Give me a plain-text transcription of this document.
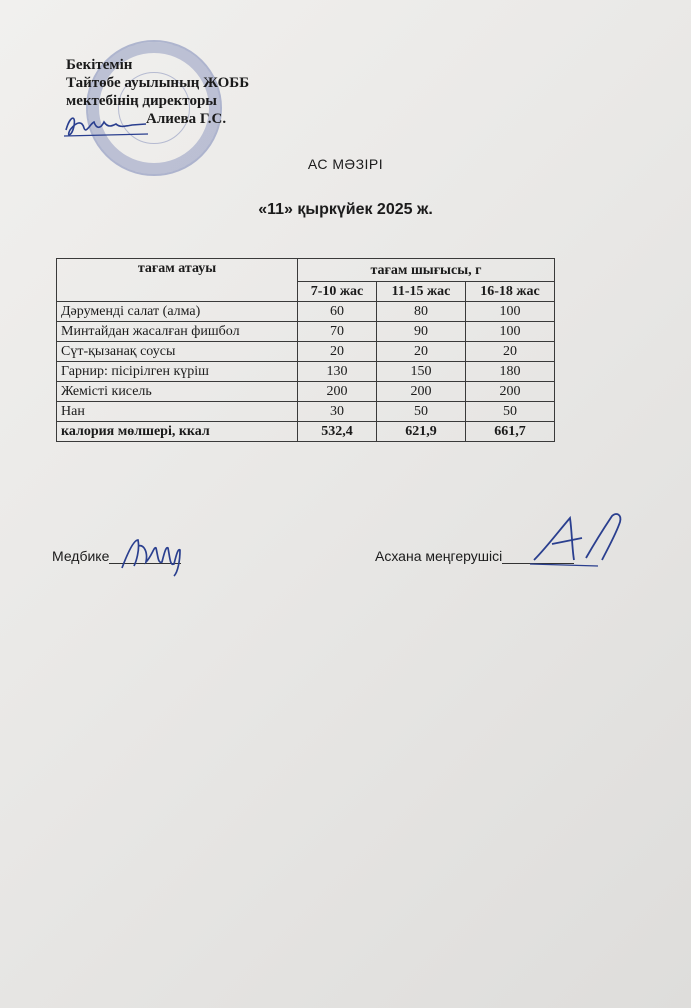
Бекітемін
Тайтөбе ауылының ЖОББ
мектебінің директоры
Алиева Г.С.
АС МӘЗІРІ
«11» қыркүйек 2025 ж.
тағам атауы	тағам шығысы, г		
	7-10 жас	11-15 жас	16-18 жас
Дәруменді салат (алма)	60	80	100
Минтайдан жасалған фишбол	70	90	100
Сүт-қызанақ соусы	20	20	20
Гарнир: пісірілген күріш	130	150	180
Жемісті кисель	200	200	200
Нан	30	50	50
калория мөлшері, ккал	532,4	621,9	661,7
Медбике	Асхана меңгерушісі
